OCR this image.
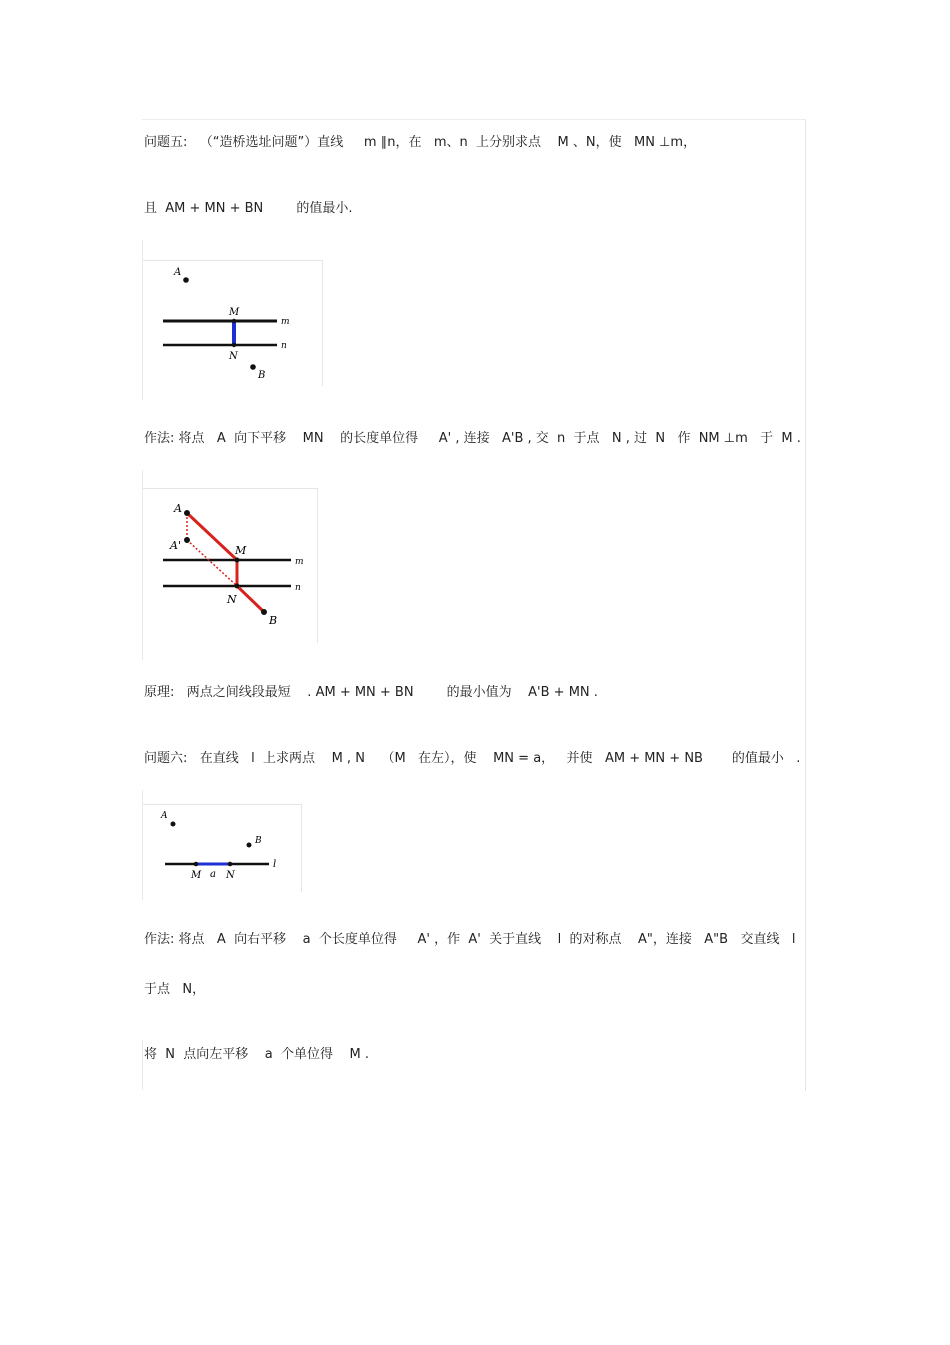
问题五:   （“造桥选址问题”）直线     m ∥n，在   m、n  上分别求点    M 、N，使   MN ⊥m，
且  AM + MN + BN        的值最小.
A
M
N
B
m
n
作法: 将点   A  向下平移    MN    的长度单位得     A' , 连接   A'B , 交  n  于点   N , 过  N   作  NM ⊥m   于  M .
A
A'	M
N
B
m
n
原理:   两点之间线段最短    . AM + MN + BN        的最小值为    A'B + MN .
问题六:   在直线   l  上求两点    M , N    （M   在左），使    MN = a，   并使   AM + MN + NB       的值最小   .
A
B
M a N
l
作法: 将点   A  向右平移    a  个长度单位得     A' ，作  A'  关于直线    l  的对称点    A"，连接   A"B   交直线   l
于点   N，
将  N  点向左平移    a  个单位得    M .
